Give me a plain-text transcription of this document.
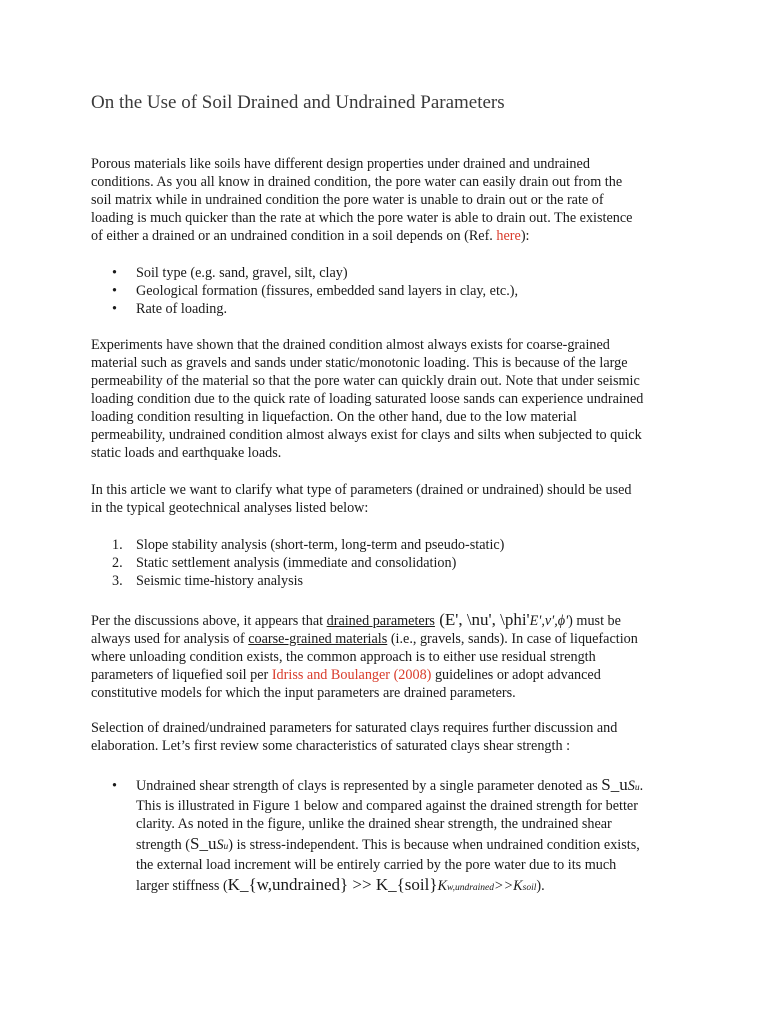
On the Use of Soil Drained and Undrained Parameters

Porous materials like soils have different design properties under drained and undrained
conditions. As you all know in drained condition, the pore water can easily drain out from the
soil matrix while in undrained condition the pore water is unable to drain out or the rate of
loading is much quicker than the rate at which the pore water is able to drain out. The existence
of either a drained or an undrained condition in a soil depends on (Ref. here):

• Soil type (e.g. sand, gravel, silt, clay)
• Geological formation (fissures, embedded sand layers in clay, etc.),
• Rate of loading.

Experiments have shown that the drained condition almost always exists for coarse-grained
material such as gravels and sands under static/monotonic loading. This is because of the large
permeability of the material so that the pore water can quickly drain out. Note that under seismic
loading condition due to the quick rate of loading saturated loose sands can experience undrained
loading condition resulting in liquefaction. On the other hand, due to the low material
permeability, undrained condition almost always exist for clays and silts when subjected to quick
static loads and earthquake loads.

In this article we want to clarify what type of parameters (drained or undrained) should be used
in the typical geotechnical analyses listed below:

1. Slope stability analysis (short-term, long-term and pseudo-static)
2. Static settlement analysis (immediate and consolidation)
3. Seismic time-history analysis

Per the discussions above, it appears that drained parameters (E', \nu', \phi'E',ν',ϕ') must be
always used for analysis of coarse-grained materials (i.e., gravels, sands). In case of liquefaction
where unloading condition exists, the common approach is to either use residual strength
parameters of liquefied soil per Idriss and Boulanger (2008) guidelines or adopt advanced
constitutive models for which the input parameters are drained parameters.

Selection of drained/undrained parameters for saturated clays requires further discussion and
elaboration. Let’s first review some characteristics of saturated clays shear strength :

• Undrained shear strength of clays is represented by a single parameter denoted as S_uSu.
This is illustrated in Figure 1 below and compared against the drained strength for better
clarity. As noted in the figure, unlike the drained shear strength, the undrained shear
strength (S_uSu) is stress-independent. This is because when undrained condition exists,
the external load increment will be entirely carried by the pore water due to its much
larger stiffness (K_{w,undrained} >> K_{soil}Kw,undrained>>Ksoil).
